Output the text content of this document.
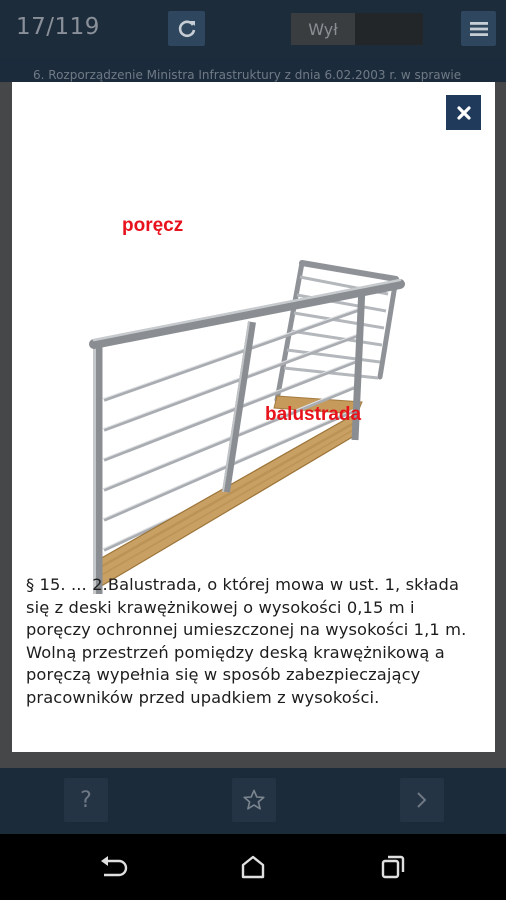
17/119	Wył
6. Rozporządzenie Ministra Infrastruktury z dnia 6.02.2003 r. w sprawie
?
poręcz
balustrada
§ 15. ... 2.Balustrada, o której mowa w ust. 1, składa się z deski krawężnikowej o wysokości 0,15 m i poręczy ochronnej umieszczonej na wysokości 1,1 m. Wolną przestrzeń pomiędzy deską krawężnikową a poręczą wypełnia się w sposób zabezpieczający pracowników przed upadkiem z wysokości.
